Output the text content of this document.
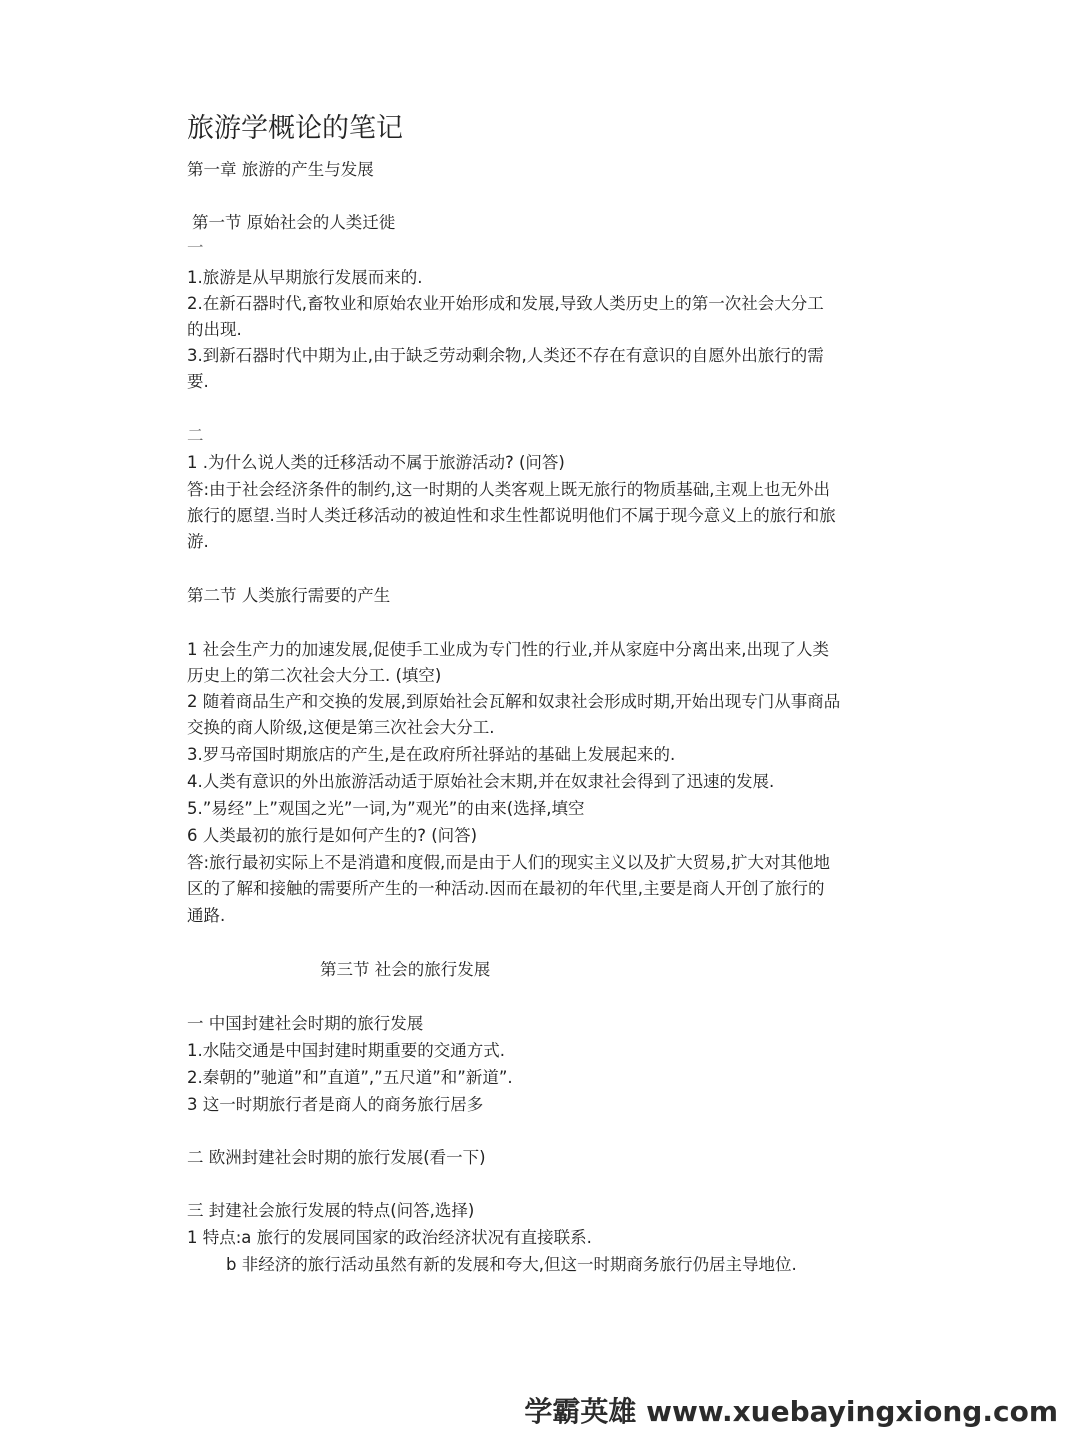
旅游学概论的笔记
第一章 旅游的产生与发展
第一节 原始社会的人类迁徙
一
1.旅游是从早期旅行发展而来的.
2.在新石器时代,畜牧业和原始农业开始形成和发展,导致人类历史上的第一次社会大分工
的出现.
3.到新石器时代中期为止,由于缺乏劳动剩余物,人类还不存在有意识的自愿外出旅行的需
要.
二
1 .为什么说人类的迁移活动不属于旅游活动? (问答)
答:由于社会经济条件的制约,这一时期的人类客观上既无旅行的物质基础,主观上也无外出
旅行的愿望.当时人类迁移活动的被迫性和求生性都说明他们不属于现今意义上的旅行和旅
游.
第二节 人类旅行需要的产生
1 社会生产力的加速发展,促使手工业成为专门性的行业,并从家庭中分离出来,出现了人类
历史上的第二次社会大分工. (填空)
2 随着商品生产和交换的发展,到原始社会瓦解和奴隶社会形成时期,开始出现专门从事商品
交换的商人阶级,这便是第三次社会大分工.
3.罗马帝国时期旅店的产生,是在政府所社驿站的基础上发展起来的.
4.人类有意识的外出旅游活动适于原始社会末期,并在奴隶社会得到了迅速的发展.
5.”易经”上”观国之光”一词,为”观光”的由来(选择,填空
6 人类最初的旅行是如何产生的? (问答)
答:旅行最初实际上不是消遣和度假,而是由于人们的现实主义以及扩大贸易,扩大对其他地
区的了解和接触的需要所产生的一种活动.因而在最初的年代里,主要是商人开创了旅行的
通路.
第三节 社会的旅行发展
一 中国封建社会时期的旅行发展
1.水陆交通是中国封建时期重要的交通方式.
2.秦朝的”驰道”和”直道”,”五尺道”和”新道”.
3 这一时期旅行者是商人的商务旅行居多
二 欧洲封建社会时期的旅行发展(看一下)
三 封建社会旅行发展的特点(问答,选择)
1 特点:a 旅行的发展同国家的政治经济状况有直接联系.
b 非经济的旅行活动虽然有新的发展和夸大,但这一时期商务旅行仍居主导地位.
学霸英雄 www.xuebayingxiong.com
